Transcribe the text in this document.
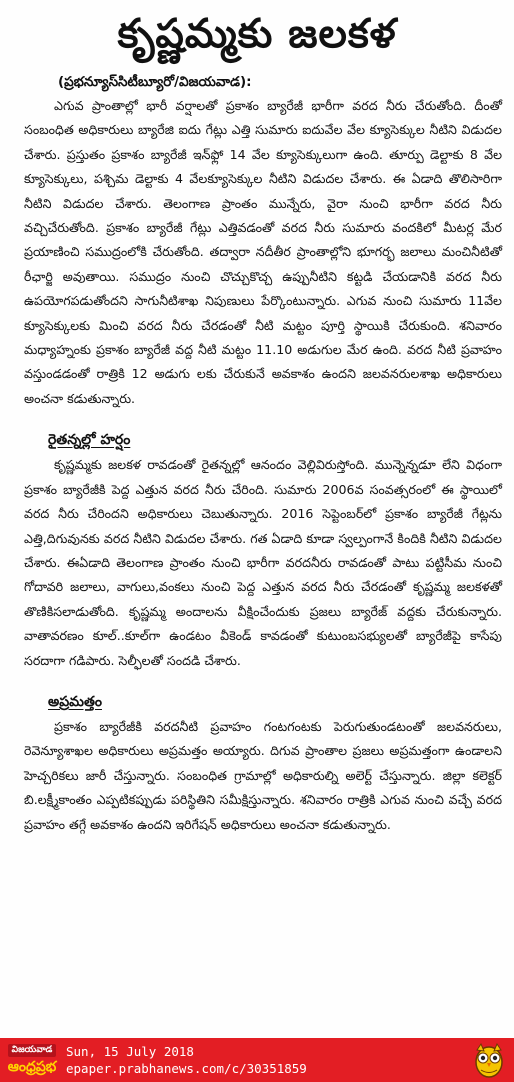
కృష్ణమ్మకు జలకళ
(ప్రభన్యూస్‌సిటీబ్యూరో/విజయవాడ):

ఎగువ ప్రాంతాల్లో భారీ వర్షాలతో ప్రకాశం బ్యారేజీ భారీగా వరద నీరు చేరుతోంది. దీంతో సంబంధిత అధికారులు బ్యారేజి ఐదు గేట్లు ఎత్తి సుమారు ఐదువేల వేల క్యూసెక్కుల నీటిని విడుదల చేశారు. ప్రస్తుతం ప్రకాశం బ్యారేజీ ఇన్‌ఫ్లో 14 వేల క్యూసెక్కులుగా ఉంది. తూర్పు డెల్టాకు 8 వేల క్యూసెక్కులు, పశ్చిమ డెల్టాకు 4 వేలక్యూసెక్కుల నీటిని విడుదల చేశారు. ఈ ఏడాది తొలిసారిగా నీటిని విడుదల చేశారు. తెలంగాణ ప్రాంతం మున్నేరు, వైరా నుంచి భారీగా వరద నీరు వచ్చిచేరుతోంది. ప్రకాశం బ్యారేజీ గేట్లు ఎత్తివడంతో వరద నీరు సుమారు వందకిలో మీటర్ల మేర ప్రయాణించి సముద్రంలోకి చేరుతోంది. తద్వారా నదీతీర ప్రాంతాల్లోని భూగర్భ జలాలు మంచినీటితో రీఛార్జి అవుతాయి. సముద్రం నుంచి చొచ్చుకొచ్చ ఉప్పునీటిని కట్టడి చేయడానికి వరద నీరు ఉపయోగపడుతోందని సాగునీటిశాఖ నిపుణులు పేర్కొంటున్నారు. ఎగువ నుంచి సుమారు 11వేల క్యూసెక్కులకు మించి వరద నీరు చేరడంతో నీటి మట్టం పూర్తి స్థాయికి చేరుకుంది. శనివారం మధ్యాహ్నంకు ప్రకాశం బ్యారేజీ వద్ద నీటి మట్టం 11.10 అడుగుల మేర ఉంది. వరద నీటి ప్రవాహం వస్తుండడంతో రాత్రికి 12 అడుగు లకు చేరుకునే అవకాశం ఉందని జలవనరులశాఖ అధికారులు అంచనా కడుతున్నారు.

రైతన్నల్లో హర్షం

కృష్ణమ్మకు జలకళ రావడంతో రైతన్నల్లో ఆనందం వెల్లివిరుస్తోంది. మున్నెన్నడూ లేని విధంగా ప్రకాశం బ్యారేజీకి పెద్ద ఎత్తున వరద నీరు చేరింది. సుమారు 2006వ సంవత్సరంలో ఈ స్థాయిలో వరద నీరు చేరిందని అధికారులు చెబుతున్నారు. 2016 సెప్టెంబర్‌లో ప్రకాశం బ్యారేజీ గేట్లను ఎత్తి,దిగువునకు వరద నీటిని విడుదల చేశారు. గత ఏడాది కూడా స్వల్పంగానే కిందికి నీటిని విడుదల చేశారు. ఈఏడాది తెలంగాణ ప్రాంతం నుంచి భారీగా వరదనీరు రావడంతో పాటు పట్టిసీమ నుంచి గోదావరి జలాలు, వాగులు,వంకలు నుంచి పెద్ద ఎత్తున వరద నీరు చేరడంతో కృష్ణమ్మ జలకళతో తొణికిసలాడుతోంది. కృష్ణమ్మ అందాలను వీక్షించేందుకు ప్రజలు బ్యారేజ్ వద్దకు చేరుకున్నారు. వాతావరణం కూల్..కూల్‌గా ఉండటం వీకెండ్ కావడంతో కుటుంబసభ్యులతో బ్యారేజీపై కాసేపు సరదాగా గడిపారు. సెల్ఫీలతో సందడి చేశారు.

అప్రమత్తం

ప్రకాశం బ్యారేజీకి వరదనీటి ప్రవాహం గంటగంటకు పెరుగుతుండటంతో జలవనరులు, రెవెన్యూశాఖల అధికారులు అప్రమత్తం అయ్యారు. దిగువ ప్రాంతాల ప్రజలు అప్రమత్తంగా ఉండాలని హెచ్చరికలు జారీ చేస్తున్నారు. సంబంధిత గ్రామాల్లో అధికారుల్ని అలెర్ట్ చేస్తున్నారు. జిల్లా కలెక్టర్ బి.లక్ష్మీకాంతం ఎప్పటికప్పుడు పరిస్థితిని సమీక్షిస్తున్నారు. శనివారం రాత్రికి ఎగువ నుంచి వచ్చే వరద ప్రవాహం తగ్గే అవకాశం ఉందని ఇరిగేషన్ అధికారులు అంచనా కడుతున్నారు.

విజయవాడ
ఆంధ్రప్రభ
Sun, 15 July 2018
epaper.prabhanews.com/c/30351859
